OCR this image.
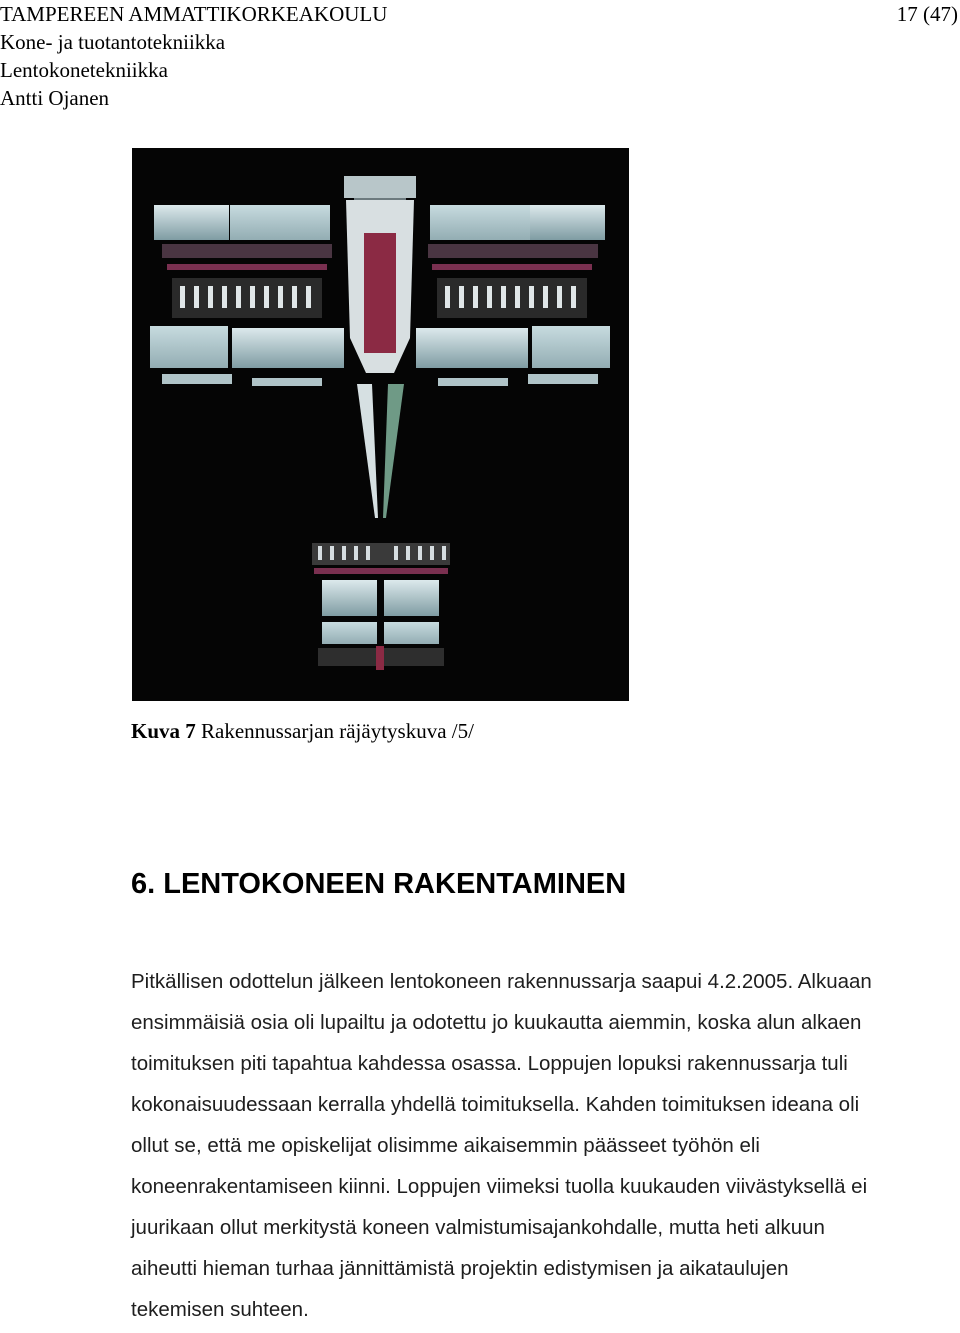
TAMPEREEN AMMATTIKORKEAKOULU
Kone- ja tuotantotekniikka
Lentokonetekniikka
Antti Ojanen
17 (47)
Kuva 7 Rakennussarjan räjäytyskuva /5/
6. LENTOKONEEN RAKENTAMINEN
Pitkällisen odottelun jälkeen lentokoneen rakennussarja saapui 4.2.2005. Alkuaan
ensimmäisiä osia oli lupailtu ja odotettu jo kuukautta aiemmin, koska alun alkaen
toimituksen piti tapahtua kahdessa osassa. Loppujen lopuksi rakennussarja tuli
kokonaisuudessaan kerralla yhdellä toimituksella. Kahden toimituksen ideana oli
ollut se, että me opiskelijat olisimme aikaisemmin päässeet työhön eli
koneenrakentamiseen kiinni. Loppujen viimeksi tuolla kuukauden viivästyksellä ei
juurikaan ollut merkitystä koneen valmistumisajankohdalle, mutta heti alkuun
aiheutti hieman turhaa jännittämistä projektin edistymisen ja aikataulujen
tekemisen suhteen.
